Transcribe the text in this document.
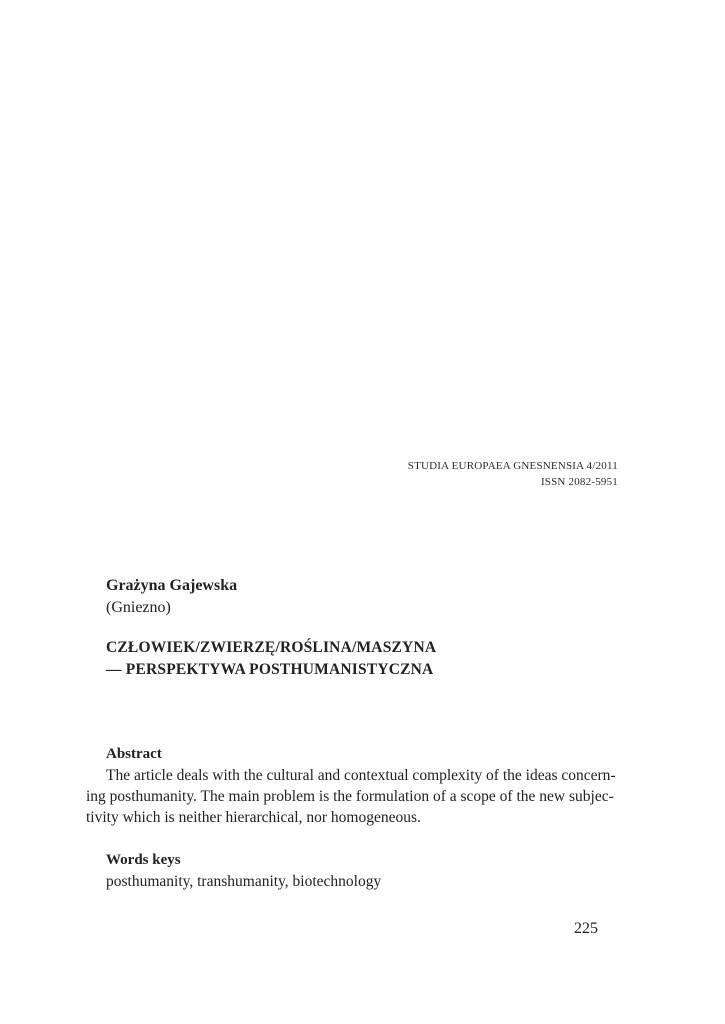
STUDIA EUROPAEA GNESNENSIA 4/2011
ISSN 2082-5951
Grażyna Gajewska
(Gniezno)
CZŁOWIEK/ZWIERZĘ/ROŚLINA/MASZYNA
— PERSPEKTYWA POSTHUMANISTYCZNA
Abstract
The article deals with the cultural and contextual complexity of the ideas concern-
ing posthumanity. The main problem is the formulation of a scope of the new subjec-
tivity which is neither hierarchical, nor homogeneous.
Words keys
posthumanity, transhumanity, biotechnology
225
